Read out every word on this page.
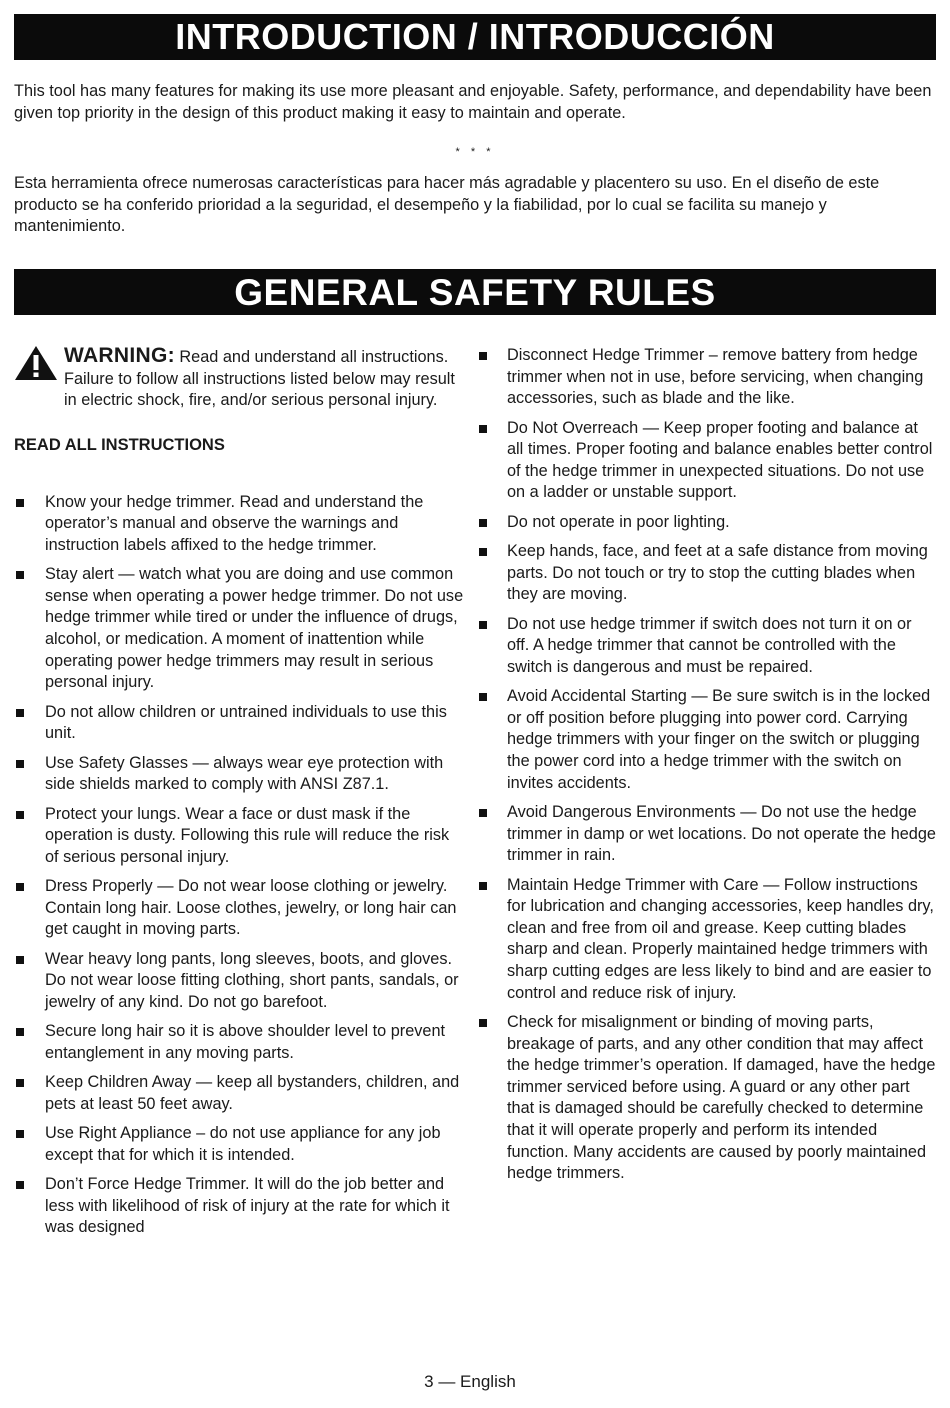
INTRODUCTION / INTRODUCCIÓN

This tool has many features for making its use more pleasant and enjoyable. Safety, performance, and dependability have been given top priority in the design of this product making it easy to maintain and operate.

* * *

Esta herramienta ofrece numerosas características para hacer más agradable y placentero su uso. En el diseño de este producto se ha conferido prioridad a la seguridad, el desempeño y la fiabilidad, por lo cual se facilita su manejo y mantenimiento.

GENERAL SAFETY RULES
WARNING: Read and understand all instructions. Failure to follow all instructions listed below may result in electric shock, fire, and/or serious personal injury.
READ ALL INSTRUCTIONS
Know your hedge trimmer. Read and understand the operator’s manual and observe the warnings and instruction labels affixed to the hedge trimmer.
Stay alert — watch what you are doing and use common sense when operating a power hedge trimmer. Do not use hedge trimmer while tired or under the influence of drugs, alcohol, or medication. A moment of inattention while operating power hedge trimmers may result in serious personal injury.
Do not allow children or untrained individuals to use this unit.
Use Safety Glasses — always wear eye protection with side shields marked to comply with ANSI Z87.1.
Protect your lungs. Wear a face or dust mask if the operation is dusty. Following this rule will reduce the risk of serious personal injury.
Dress Properly — Do not wear loose clothing or jewelry. Contain long hair. Loose clothes, jewelry, or long hair can get caught in moving parts.
Wear heavy long pants, long sleeves, boots, and gloves. Do not wear loose fitting clothing, short pants, sandals, or jewelry of any kind. Do not go barefoot.
Secure long hair so it is above shoulder level to prevent entanglement in any moving parts.
Keep Children Away — keep all bystanders, children, and pets at least 50 feet away.
Use Right Appliance – do not use appliance for any job except that for which it is intended.
Don’t Force Hedge Trimmer. It will do the job better and less with likelihood of risk of injury at the rate for which it was designed
Disconnect Hedge Trimmer – remove battery from hedge trimmer when not in use, before servicing, when changing accessories, such as blade and the like.
Do Not Overreach — Keep proper footing and balance at all times. Proper footing and balance enables better control of the hedge trimmer in unexpected situations. Do not use on a ladder or unstable support.
Do not operate in poor lighting.
Keep hands, face, and feet at a safe distance from moving parts. Do not touch or try to stop the cutting blades when they are moving.
Do not use hedge trimmer if switch does not turn it on or off. A hedge trimmer that cannot be controlled with the switch is dangerous and must be repaired.
Avoid Accidental Starting — Be sure switch is in the locked or off position before plugging into power cord. Carrying hedge trimmers with your finger on the switch or plugging the power cord into a hedge trimmer with the switch on invites accidents.
Avoid Dangerous Environments — Do not use the hedge trimmer in damp or wet locations. Do not operate the hedge trimmer in rain.
Maintain Hedge Trimmer with Care — Follow instructions for lubrication and changing accessories, keep handles dry, clean and free from oil and grease. Keep cutting blades sharp and clean. Properly maintained hedge trimmers with sharp cutting edges are less likely to bind and are easier to control and reduce risk of injury.
Check for misalignment or binding of moving parts, breakage of parts, and any other condition that may affect the hedge trimmer’s operation. If damaged, have the hedge trimmer serviced before using. A guard or any other part that is damaged should be carefully checked to determine that it will operate properly and perform its intended function. Many accidents are caused by poorly maintained hedge trimmers.
3 — English
